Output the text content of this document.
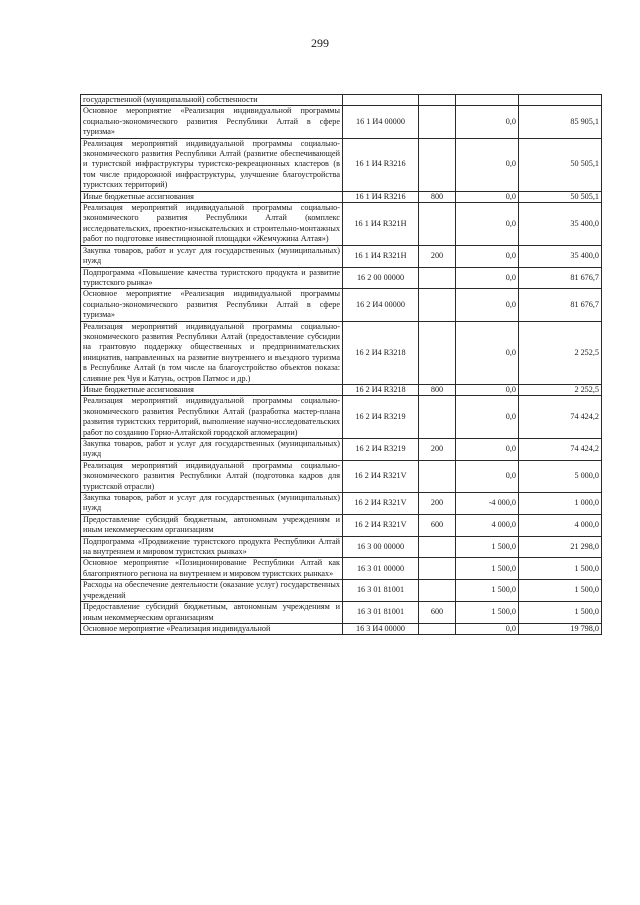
299
государственной (муниципальной) собственности				
Основное мероприятие «Реализация индивидуальной программы социально-экономического развития Республики Алтай в сфере туризма»	16 1 И4 00000		0,0	85 905,1
Реализация мероприятий индивидуальной программы социально-экономического развития Республики Алтай (развитие обеспечивающей и туристской инфраструктуры туристско-рекреационных кластеров (в том числе придорожной инфраструктуры, улучшение благоустройства туристских территорий)	16 1 И4 R3216		0,0	50 505,1
Иные бюджетные ассигнования	16 1 И4 R3216	800	0,0	50 505,1
Реализация мероприятий индивидуальной программы социально-экономического развития Республики Алтай (комплекс исследовательских, проектно-изыскательских и строительно-монтажных работ по подготовке инвестиционной площадки «Жемчужина Алтая»)	16 1 И4 R321Н		0,0	35 400,0
Закупка товаров, работ и услуг для государственных (муниципальных) нужд	16 1 И4 R321Н	200	0,0	35 400,0
Подпрограмма «Повышение качества туристского продукта и развитие туристского рынка»	16 2 00 00000		0,0	81 676,7
Основное мероприятие «Реализация индивидуальной программы социально-экономического развития Республики Алтай в сфере туризма»	16 2 И4 00000		0,0	81 676,7
Реализация мероприятий индивидуальной программы социально-экономического развития Республики Алтай (предоставление субсидии на грантовую поддержку общественных и предпринимательских инициатив, направленных на развитие внутреннего и въездного туризма в Республике Алтай (в том числе на благоустройство объектов показа: слияние рек Чуя и Катунь, остров Патмос и др.)	16 2 И4 R3218		0,0	2 252,5
Иные бюджетные ассигнования	16 2 И4 R3218	800	0,0	2 252,5
Реализация мероприятий индивидуальной программы социально-экономического развития Республики Алтай (разработка мастер-плана развития туристских территорий, выполнение научно-исследовательских работ по созданию Горно-Алтайской городской агломерации)	16 2 И4 R3219		0,0	74 424,2
Закупка товаров, работ и услуг для государственных (муниципальных) нужд	16 2 И4 R3219	200	0,0	74 424,2
Реализация мероприятий индивидуальной программы социально-экономического развития Республики Алтай (подготовка кадров для туристской отрасли)	16 2 И4 R321V		0,0	5 000,0
Закупка товаров, работ и услуг для государственных (муниципальных) нужд	16 2 И4 R321V	200	-4 000,0	1 000,0
Предоставление субсидий бюджетным, автономным учреждениям и иным некоммерческим организациям	16 2 И4 R321V	600	4 000,0	4 000,0
Подпрограмма «Продвижение туристского продукта Республики Алтай на внутреннем и мировом туристских рынках»	16 3 00 00000		1 500,0	21 298,0
Основное мероприятие «Позиционирование Республики Алтай как благоприятного региона на внутреннем и мировом туристских рынках»	16 3 01 00000		1 500,0	1 500,0
Расходы на обеспечение деятельности (оказание услуг) государственных учреждений	16 3 01 81001		1 500,0	1 500,0
Предоставление субсидий бюджетным, автономным учреждениям и иным некоммерческим организациям	16 3 01 81001	600	1 500,0	1 500,0
Основное мероприятие «Реализация индивидуальной	16 3 И4 00000		0,0	19 798,0
